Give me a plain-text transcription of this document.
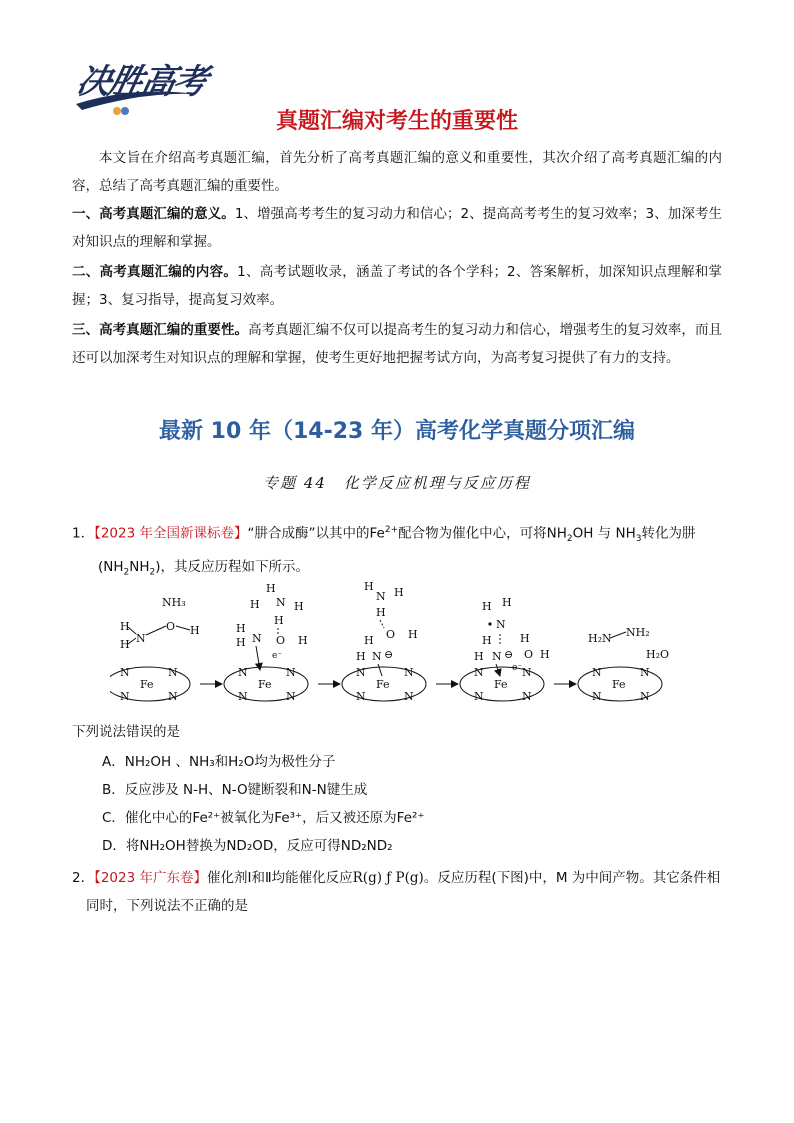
决胜高考
真题汇编对考生的重要性
本文旨在介绍高考真题汇编，首先分析了高考真题汇编的意义和重要性，其次介绍了高考真题汇编的内容，总结了高考真题汇编的重要性。
一、高考真题汇编的意义。1、增强高考考生的复习动力和信心；2、提高高考考生的复习效率；3、加深考生对知识点的理解和掌握。
二、高考真题汇编的内容。1、高考试题收录，涵盖了考试的各个学科；2、答案解析，加深知识点理解和掌握；3、复习指导，提高复习效率。
三、高考真题汇编的重要性。高考真题汇编不仅可以提高考生的复习动力和信心，增强考生的复习效率，而且还可以加深考生对知识点的理解和掌握，使考生更好地把握考试方向，为高考复习提供了有力的支持。
最新 10 年（14-23 年）高考化学真题分项汇编
专题 44　化学反应机理与反应历程
1．【2023 年全国新课标卷】“肼合成酶”以其中的$Fe^{2+}$配合物为催化中心，可将$NH_2OH$ 与 $NH_3$转化为肼
$(NH_2NH_2)$，其反应历程如下所示。
NH₃
H
H N
O H
Fe
N	N
N	N
H
H N H
H
H
H N O H
e⁻
Fe
N	N
N	N
H
N H
H
O H
H
H N ⊖
Fe
N	N
N	N
H H
N
H
O H
H
H N ⊖
e⁻
Fe
N	N
N	N
H₂N NH₂
H₂O
Fe
N	N
N	N
下列说法错误的是
A．NH₂OH 、NH₃和H₂O均为极性分子
B．反应涉及 N-H、N-O键断裂和N-N键生成
C．催化中心的Fe²⁺被氧化为Fe³⁺，后又被还原为Fe²⁺
D．将NH₂OH替换为ND₂OD，反应可得ND₂ND₂
2．【2023 年广东卷】催化剂Ⅰ和Ⅱ均能催化反应R(g) ƒ P(g)。反应历程(下图)中，M 为中间产物。其它条件相同时，下列说法不正确的是
